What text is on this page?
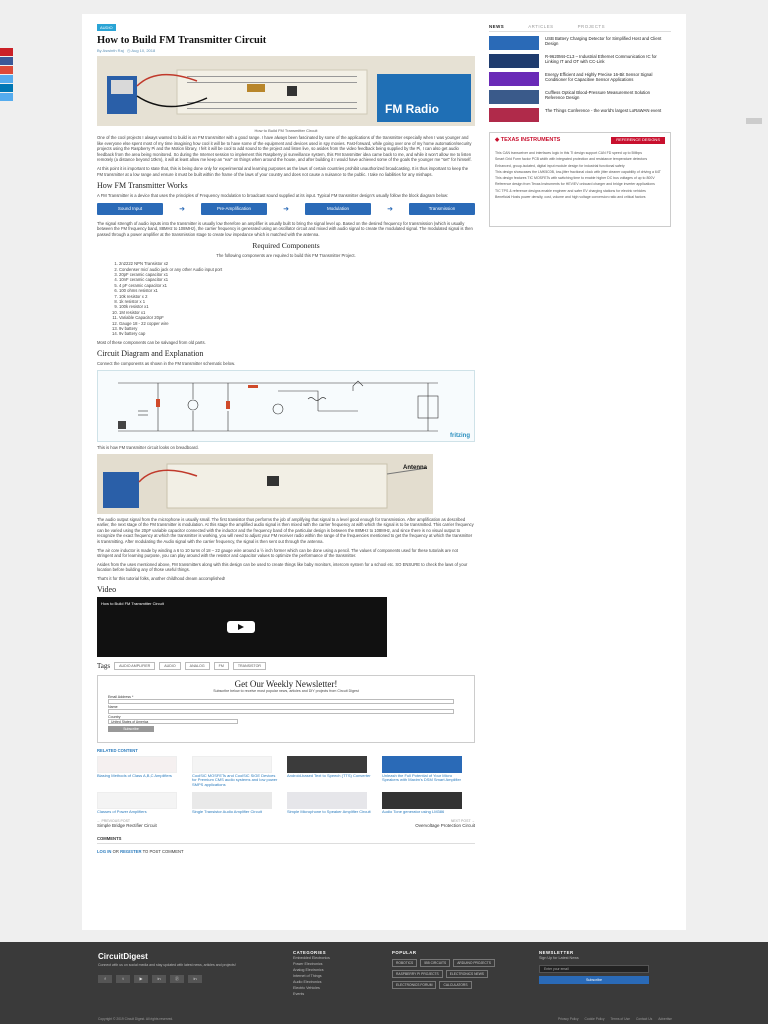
AUDIO
How to Build FM Transmitter Circuit
By Aswinth Raj ◷ Aug 10, 2018
FM Radio
How to Build FM Transmitter Circuit

One of the cool projects I always wanted to build is an FM transmitter with a good range. I have always been fascinated by some of the applications of the transmitter especially when I was younger and like everyone else spent most of my time imagining how cool it will be to have some of the equipment and devices used in spy movies. Fast-forward, while going over one of my home automation/security projects using the Raspberry Pi and the Motion library, I felt it will be cool to add sound to the project and listen live, so asides from the video feedback being supplied by the Pi, I can also get audio feedback from the area being monitored. So during the Internet session to implement this Raspberry pi surveillance system, this FM transmitter idea came back to me, and while it won't allow me to listen remotely (a distance beyond 10km), it will at least allow me keep an "ear" on things when around the house, and after building it I would have achieved some of the goals the younger me "set" for himself.

At this point it is important to state that, this is being done only for experimental and learning purposes as the laws of certain countries prohibit unauthorized broadcasting. It is thus important to keep the FM transmitter at a low range and ensure it must be built within the frame of the laws of your country and does not cause a nuisance to the public. I take no liabilities for any mishaps.

How FM Transmitter Works

A FM Transmitter is a device that uses the principles of Frequency modulation to broadcast sound supplied at its input. Typical FM transmitter design's usually follow the block diagram below:

Sound Input	➜	Pre-Amplification	➜	Modulation	➜	Transmission

The signal strength of audio inputs into the transmitter is usually low therefore an amplifier is usually built to bring the signal level up. Based on the desired frequency for transmission (which is usually between the FM frequency band, 88MHz to 108MHz), the carrier frequency is generated using an oscillator circuit and mixed with audio signal to create the modulated signal. The modulated signal is then passed through a power amplifier at the transmission stage to create low impedance which is matched with the antenna.

Required Components

The following components are required to build this FM Transmitter Project.

1. 2n2222 NPN Transistor x2
2. Condenser mic/ audio jack or any other Audio input port
3. 20pF ceramic capacitor x1
4. 10nF ceramic capacitor x1
5. 4 pF ceramic capacitor x1
6. 100 ohms resistor x1
7. 10k resistor x 2
8. 1k resistor x 1
9. 100k resistor x1
10. 1M resistor x1
11. Variable Capacitor 20pF
12. Gauge 18 - 22 copper wire
13. 9v battery
14. 9v battery cap

Most of these components can be salvaged from old parts.

Circuit Diagram and Explanation

Connect the components as shown in the FM transmitter schematic below.

fritzing

This is how FM transmitter circuit looks on breadboard.

Antenna

The audio output signal from the microphone is usually small. The first transistor thus performs the job of amplifying that signal to a level good enough for transmission. After amplification as described earlier, the next stage of the FM transmitter is modulation. At this stage the amplified audio signal is then mixed with the carrier frequency at with which the signal is to be transmitted. This carrier frequency can be varied using the 20pF variable capacitor connected with the inductor and the frequency band of the particular design is between the 88MHz to 108MHz, and since there is no visual output to recognize the exact frequency at which the transmitter is working, you will need to adjust your FM receiver radio within the range of the frequencies mentioned to get the frequency at which the transmitter is transmitting. After modulating the Audio signal with the carrier frequency, the signal is then sent out through the antenna.

The air core inductor is made by winding a 6 to 10 turns of 18 – 22 gauge wire around a ½ inch former which can be done using a pencil. The values of components used for these tutorials are not stringent and for learning purpose, you can play around with the resistor and capacitor values to optimize the performance of the transmitter.

Asides from the uses mentioned above, FM transmitters along with this design can be used to create things like baby monitors, intercom system for a school etc. SO ENSURE to check the laws of your location before building any of those useful things.

That's it for this tutorial folks, another childhood dream accomplished!

Video
How to Build FM Transmitter Circuit
Tags	AUDIO AMPLIFIER	AUDIO	ANALOG	FM	TRANSISTOR
Get Our Weekly Newsletter!
Subscribe below to receive most popular news, articles and DIY projects from Circuit Digest
Email Address *
Name
Country
United States of America
Subscribe
RELATED CONTENT
Biasing Methods of Class A,B,C Amplifiers	CoolSiC MOSFETs and CoolSiC SiGE Devices for Premium CMS audio systems and low power SMPS applications
Android-based Text to Speech (TTS) Converter	Unleash the Full Potential of Your Micro Speakers with Maxim's DSM Smart Amplifier
Classes of Power Amplifiers	Single Transistor Audio Amplifier Circuit	Simple Microphone to Speaker Amplifier Circuit	Audio Tone generator using LM386
← PREVIOUS POST
Simple Bridge Rectifier Circuit
NEXT POST →
Overvoltage Protection Circuit
COMMENTS
LOG IN OR REGISTER TO POST COMMENT
NEWS	ARTICLES	PROJECTS
USB Battery Charging Detector for Simplified Host and Client Design
R-9620M4-CL3 – Industrial Ethernet Communication IC for Linking IT and OT with CC-Link
Energy Efficient and Highly Precise 16-Bit Sensor Signal Conditioner for Capacitive Sensor Applications
Cuffless Optical Blood-Pressure Measurement Solution Reference Design
The Things Conference - the world's largest LoRaWAN event
◆ TEXAS INSTRUMENTS	REFERENCE DESIGNS
This CAN transceiver and interfaces logic in this TI design support CAN FD speed up to 5Mbps
Smart Grid Form factor PCB width with integrated protection and resistance temperature detectors
Enhanced, group-isolated, digital input module design for industrial functional safety
This design showcases the LMK5C0B, low-jitter fractional clock with jitter cleaner capability of driving a 64T
This design features TIC MOSFETs with switching time to enable higher DC bus voltages of up to 800V
Reference design from Texas Instruments for HEV/EV onboard charger and bridge inverter applications
TIC TPS & reference designs enable engineer and safer EV charging stations for electric vehicles
Beneficial Hosts power density, cost, volume and high voltage conversion ratio and critical factors
CircuitDigest
Connect with us on social media and stay updated with latest news, articles and projects!
f	t	▶	in	ⓟ	in
CATEGORIES
Embedded Electronics
Power Electronics
Analog Electronics
Internet of Things
Audio Electronics
Electric Vehicles
Events
POPULAR
ROBOTICS	555 CIRCUITS	ARDUINO PROJECTS
RASPBERRY PI PROJECTS	ELECTRONICS NEWS
ELECTRONICS FORUM	CALCULATORS
NEWSLETTER
Sign Up for Latest News
Enter your email
Subscribe
Copyright © 2019 Circuit Digest. All rights reserved.	Privacy Policy Cookie Policy Terms of Use Contact Us Advertise
